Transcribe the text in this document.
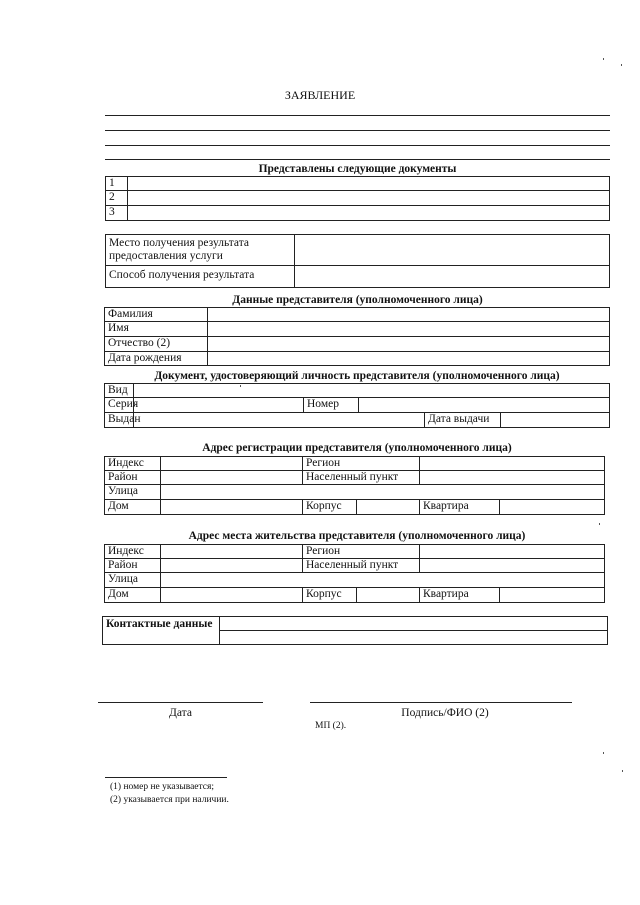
ЗАЯВЛЕНИЕ
Представлены следующие документы
1	
2	
3	
Место получения результата предоставления услуги	
Способ получения результата	
Данные представителя (уполномоченного лица)
Фамилия	
Имя	
Отчество (2)	
Дата рождения	
Документ, удостоверяющий личность представителя (уполномоченного лица)
Вид					
Серия		Номер			
Выдан				Дата выдачи	
Адрес регистрации представителя (уполномоченного лица)
Индекс		Регион			
Район		Населенный пункт			
Улица					
Дом		Корпус		Квартира	
Адрес места жительства представителя (уполномоченного лица)
Индекс		Регион			
Район		Населенный пункт			
Улица					
Дом		Корпус		Квартира	
Контактные данные	

Дата	Подпись/ФИО (2)
МП (2).
(1) номер не указывается;
(2) указывается при наличии.
